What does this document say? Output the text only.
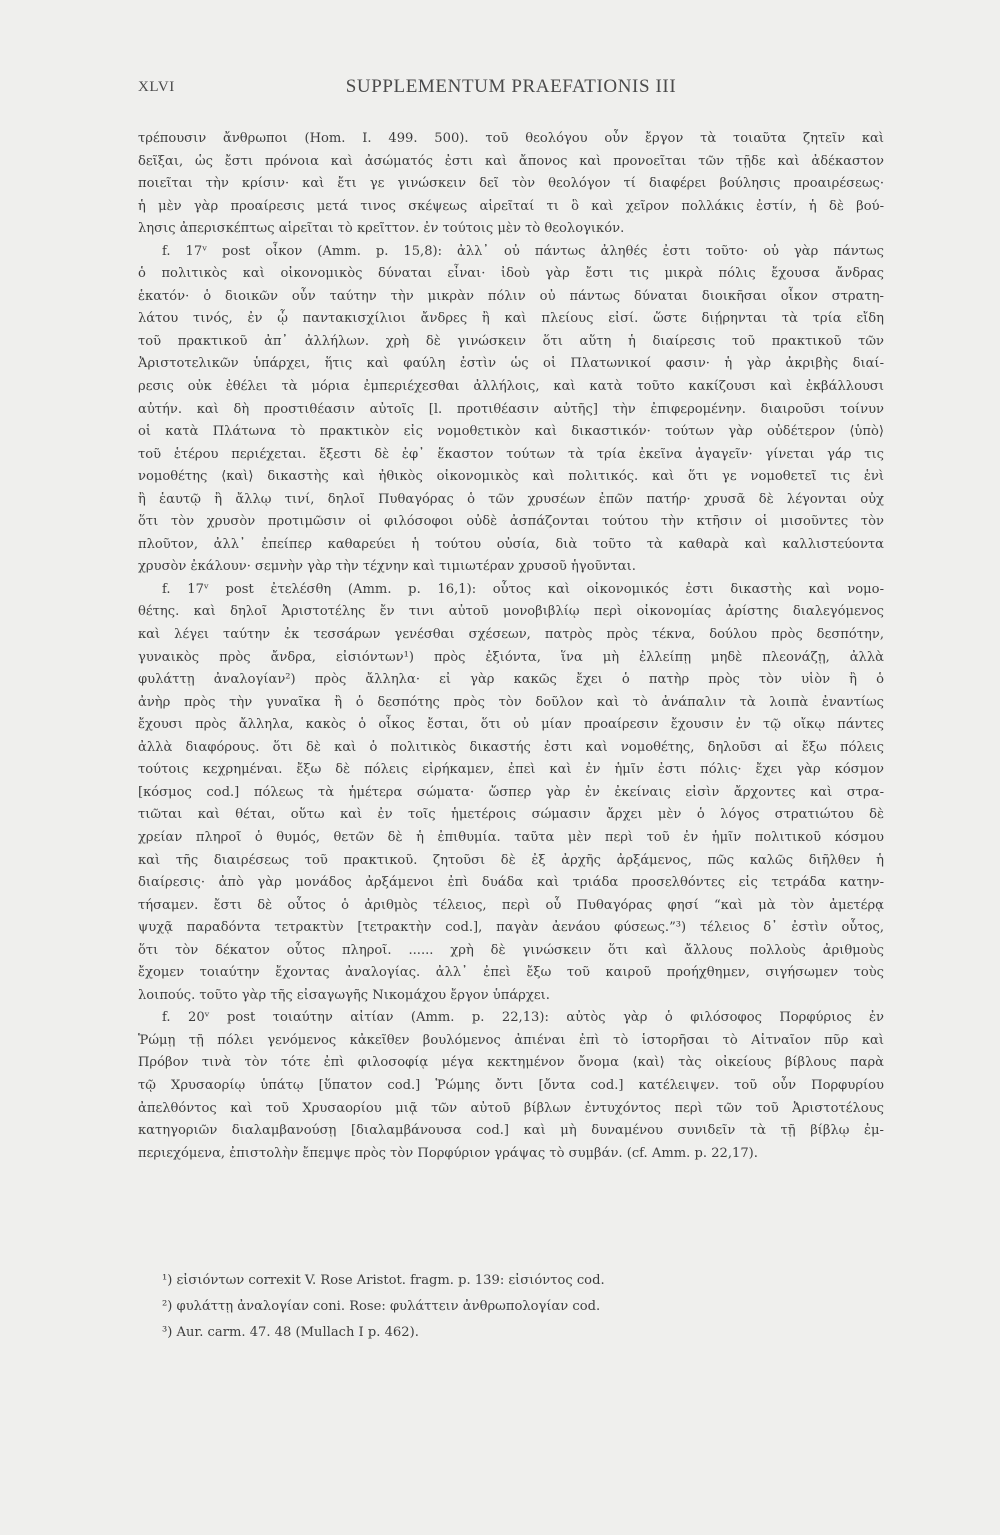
XLVI	SUPPLEMENTUM PRAEFATIONIS III
τρέπουσιν ἄνθρωποι (Hom. I. 499. 500). τοῦ θεολόγου οὖν ἔργον τὰ τοιαῦτα ζητεῖν καὶ
δεῖξαι, ὡς ἔστι πρόνοια καὶ ἀσώματός ἐστι καὶ ἄπονος καὶ προνοεῖται τῶν τῇδε καὶ ἀδέκαστον
ποιεῖται τὴν κρίσιν· καὶ ἔτι γε γινώσκειν δεῖ τὸν θεολόγον τί διαφέρει βούλησις προαιρέσεως·
ἡ μὲν γὰρ προαίρεσις μετά τινος σκέψεως αἱρεῖταί τι ὃ καὶ χεῖρον πολλάκις ἐστίν, ἡ δὲ βού-
λησις ἀπερισκέπτως αἱρεῖται τὸ κρεῖττον. ἐν τούτοις μὲν τὸ θεολογικόν.
f. 17ᵛ post οἶκον (Amm. p. 15,8): ἀλλ᾽ οὐ πάντως ἀληθές ἐστι τοῦτο· οὐ γὰρ πάντως
ὁ πολιτικὸς καὶ οἰκονομικὸς δύναται εἶναι· ἰδοὺ γὰρ ἔστι τις μικρὰ πόλις ἔχουσα ἄνδρας
ἑκατόν· ὁ διοικῶν οὖν ταύτην τὴν μικρὰν πόλιν οὐ πάντως δύναται διοικῆσαι οἶκον στρατη-
λάτου τινός, ἐν ᾧ παντακισχίλιοι ἄνδρες ἢ καὶ πλείους εἰσί. ὥστε διῄρηνται τὰ τρία εἴδη
τοῦ πρακτικοῦ ἀπ᾽ ἀλλήλων. χρὴ δὲ γινώσκειν ὅτι αὕτη ἡ διαίρεσις τοῦ πρακτικοῦ τῶν
Ἀριστοτελικῶν ὑπάρχει, ἥτις καὶ φαύλη ἐστὶν ὡς οἱ Πλατωνικοί φασιν· ἡ γὰρ ἀκριβὴς διαί-
ρεσις οὐκ ἐθέλει τὰ μόρια ἐμπεριέχεσθαι ἀλλήλοις, καὶ κατὰ τοῦτο κακίζουσι καὶ ἐκβάλλουσι
αὐτήν. καὶ δὴ προστιθέασιν αὐτοῖς [l. προτιθέασιν αὐτῆς] τὴν ἐπιφερομένην. διαιροῦσι τοίνυν
οἱ κατὰ Πλάτωνα τὸ πρακτικὸν εἰς νομοθετικὸν καὶ δικαστικόν· τούτων γὰρ οὐδέτερον ⟨ὑπὸ⟩
τοῦ ἑτέρου περιέχεται. ἔξεστι δὲ ἐφ᾽ ἕκαστον τούτων τὰ τρία ἐκεῖνα ἀγαγεῖν· γίνεται γάρ τις
νομοθέτης ⟨καὶ⟩ δικαστὴς καὶ ἠθικὸς οἰκονομικὸς καὶ πολιτικός. καὶ ὅτι γε νομοθετεῖ τις ἑνὶ
ἢ ἑαυτῷ ἢ ἄλλῳ τινί, δηλοῖ Πυθαγόρας ὁ τῶν χρυσέων ἐπῶν πατήρ· χρυσᾶ δὲ λέγονται οὐχ
ὅτι τὸν χρυσὸν προτιμῶσιν οἱ φιλόσοφοι οὐδὲ ἀσπάζονται τούτου τὴν κτῆσιν οἱ μισοῦντες τὸν
πλοῦτον, ἀλλ᾽ ἐπείπερ καθαρεύει ἡ τούτου οὐσία, διὰ τοῦτο τὰ καθαρὰ καὶ καλλιστεύοντα
χρυσὸν ἐκάλουν· σεμνὴν γὰρ τὴν τέχνην καὶ τιμιωτέραν χρυσοῦ ἡγοῦνται.
f. 17ᵛ post ἐτελέσθη (Amm. p. 16,1): οὗτος καὶ οἰκονομικός ἐστι δικαστὴς καὶ νομο-
θέτης. καὶ δηλοῖ Ἀριστοτέλης ἔν τινι αὐτοῦ μονοβιβλίῳ περὶ οἰκονομίας ἀρίστης διαλεγόμενος
καὶ λέγει ταύτην ἐκ τεσσάρων γενέσθαι σχέσεων, πατρὸς πρὸς τέκνα, δούλου πρὸς δεσπότην,
γυναικὸς πρὸς ἄνδρα, εἰσιόντων¹) πρὸς ἐξιόντα, ἵνα μὴ ἐλλείπῃ μηδὲ πλεονάζῃ, ἀλλὰ
φυλάττῃ ἀναλογίαν²) πρὸς ἄλληλα· εἰ γὰρ κακῶς ἔχει ὁ πατὴρ πρὸς τὸν υἱὸν ἢ ὁ
ἀνὴρ πρὸς τὴν γυναῖκα ἢ ὁ δεσπότης πρὸς τὸν δοῦλον καὶ τὸ ἀνάπαλιν τὰ λοιπὰ ἐναντίως
ἔχουσι πρὸς ἄλληλα, κακὸς ὁ οἶκος ἔσται, ὅτι οὐ μίαν προαίρεσιν ἔχουσιν ἐν τῷ οἴκῳ πάντες
ἀλλὰ διαφόρους. ὅτι δὲ καὶ ὁ πολιτικὸς δικαστής ἐστι καὶ νομοθέτης, δηλοῦσι αἱ ἔξω πόλεις
τούτοις κεχρημέναι. ἔξω δὲ πόλεις εἰρήκαμεν, ἐπεὶ καὶ ἐν ἡμῖν ἐστι πόλις· ἔχει γὰρ κόσμον
[κόσμος cod.] πόλεως τὰ ἡμέτερα σώματα· ὥσπερ γὰρ ἐν ἐκείναις εἰσὶν ἄρχοντες καὶ στρα-
τιῶται καὶ θέται, οὕτω καὶ ἐν τοῖς ἡμετέροις σώμασιν ἄρχει μὲν ὁ λόγος στρατιώτου δὲ
χρείαν πληροῖ ὁ θυμός, θετῶν δὲ ἡ ἐπιθυμία. ταῦτα μὲν περὶ τοῦ ἐν ἡμῖν πολιτικοῦ κόσμου
καὶ τῆς διαιρέσεως τοῦ πρακτικοῦ. ζητοῦσι δὲ ἐξ ἀρχῆς ἀρξάμενος, πῶς καλῶς διῆλθεν ἡ
διαίρεσις· ἀπὸ γὰρ μονάδος ἀρξάμενοι ἐπὶ δυάδα καὶ τριάδα προσελθόντες εἰς τετράδα κατην-
τήσαμεν. ἔστι δὲ οὗτος ὁ ἀριθμὸς τέλειος, περὶ οὗ Πυθαγόρας φησί “καὶ μὰ τὸν ἀμετέρᾳ
ψυχᾷ παραδόντα τετρακτὺν [τετρακτὴν cod.], παγὰν ἀενάου φύσεως.”³) τέλειος δ᾽ ἐστὶν οὗτος,
ὅτι τὸν δέκατον οὗτος πληροῖ. ...... χρὴ δὲ γινώσκειν ὅτι καὶ ἄλλους πολλοὺς ἀριθμοὺς
ἔχομεν τοιαύτην ἔχοντας ἀναλογίας. ἀλλ᾽ ἐπεὶ ἔξω τοῦ καιροῦ προήχθημεν, σιγήσωμεν τοὺς
λοιπούς. τοῦτο γὰρ τῆς εἰσαγωγῆς Νικομάχου ἔργον ὑπάρχει.
f. 20ᵛ post τοιαύτην αἰτίαν (Amm. p. 22,13): αὐτὸς γὰρ ὁ φιλόσοφος Πορφύριος ἐν
Ῥώμῃ τῇ πόλει γενόμενος κἀκεῖθεν βουλόμενος ἀπιέναι ἐπὶ τὸ ἱστορῆσαι τὸ Αἰτναῖον πῦρ καὶ
Πρόβον τινὰ τὸν τότε ἐπὶ φιλοσοφίᾳ μέγα κεκτημένον ὄνομα ⟨καὶ⟩ τὰς οἰκείους βίβλους παρὰ
τῷ Χρυσαορίῳ ὑπάτῳ [ὕπατον cod.] Ῥώμης ὄντι [ὄντα cod.] κατέλειψεν. τοῦ οὖν Πορφυρίου
ἀπελθόντος καὶ τοῦ Χρυσαορίου μιᾷ τῶν αὐτοῦ βίβλων ἐντυχόντος περὶ τῶν τοῦ Ἀριστοτέλους
κατηγοριῶν διαλαμβανούσῃ [διαλαμβάνουσα cod.] καὶ μὴ δυναμένου συνιδεῖν τὰ τῇ βίβλῳ ἐμ-
περιεχόμενα, ἐπιστολὴν ἔπεμψε πρὸς τὸν Πορφύριον γράψας τὸ συμβάν. (cf. Amm. p. 22,17).
¹) εἰσιόντων correxit V. Rose Aristot. fragm. p. 139: εἰσιόντος cod.
²) φυλάττῃ ἀναλογίαν coni. Rose: φυλάττειν ἀνθρωπολογίαν cod.
³) Aur. carm. 47. 48 (Mullach I p. 462).
